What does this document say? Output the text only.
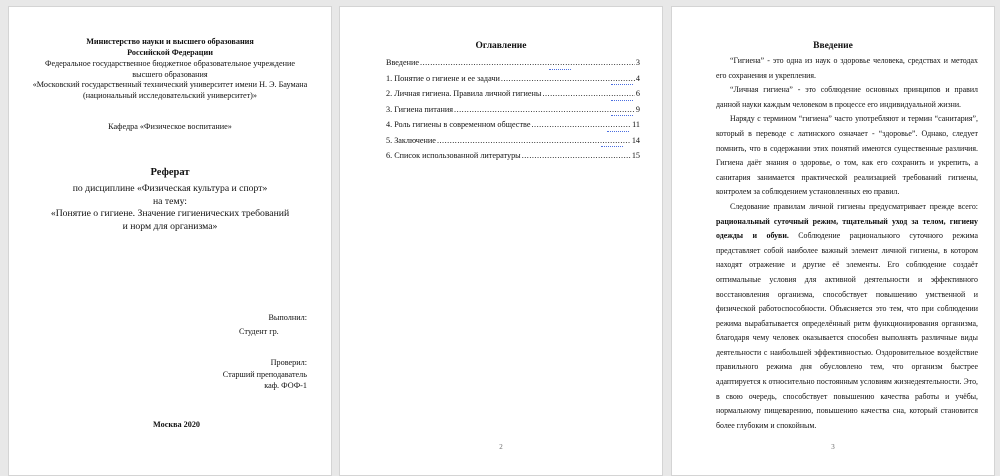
Министерство науки и высшего образования
Российской Федерации
Федеральное государственное бюджетное образовательное учреждение
высшего образования
«Московский государственный технический университет имени Н. Э. Баумана
(национальный исследовательский университет)»
Кафедра «Физическое воспитание»
Реферат
по дисциплине «Физическая культура и спорт»
на тему:
«Понятие о гигиене. Значение гигиенических требований
и норм для организма»
Выполнил:
Студент гр.
Проверил:
Старший преподаватель
каф. ФОФ-1
Москва 2020
Оглавление
Введение .....	3
1. Понятие о гигиене и ее задачи .....	4
2. Личная гигиена. Правила личной гигиены .....	6
3. Гигиена питания .....	9
4. Роль гигиены в современном обществе .....	11
5. Заключение .....	14
6. Список использованной литературы .....	15
2
Введение

“Гигиена” - это одна из наук о здоровье человека, средствах и методах его сохранения и укрепления.

“Личная гигиена” - это соблюдение основных принципов и правил данной науки каждым человеком в процессе его индивидуальной жизни.

Наряду с термином “гигиена” часто употребляют и термин “санитария”, который в переводе с латинского означает - “здоровье”. Однако, следует помнить, что в содержании этих понятий имеются существенные различия. Гигиена даёт знания о здоровье, о том, как его сохранить и укрепить, а санитария занимается практической реализацией требований гигиены, контролем за соблюдением установленных ею правил.

Следование правилам личной гигиены предусматривает прежде всего: рациональный суточный режим, тщательный уход за телом, гигиену одежды и обуви. Соблюдение рационального суточного режима представляет собой наиболее важный элемент личной гигиены, в котором находят отражение и другие её элементы. Его соблюдение создаёт оптимальные условия для активной деятельности и эффективного восстановления организма, способствует повышению умственной и физической работоспособности. Объясняется это тем, что при соблюдении режима вырабатывается определённый ритм функционирования организма, благодаря чему человек оказывается способен выполнять различные виды деятельности с наибольшей эффективностью. Оздоровительное воздействие правильного режима дня обусловлено тем, что организм быстрее адаптируется к относительно постоянным условиям жизнедеятельности. Это, в свою очередь, способствует повышению качества работы и учёбы, нормальному пищеварению, повышению качества сна, который становится более глубоким и спокойным.

3
